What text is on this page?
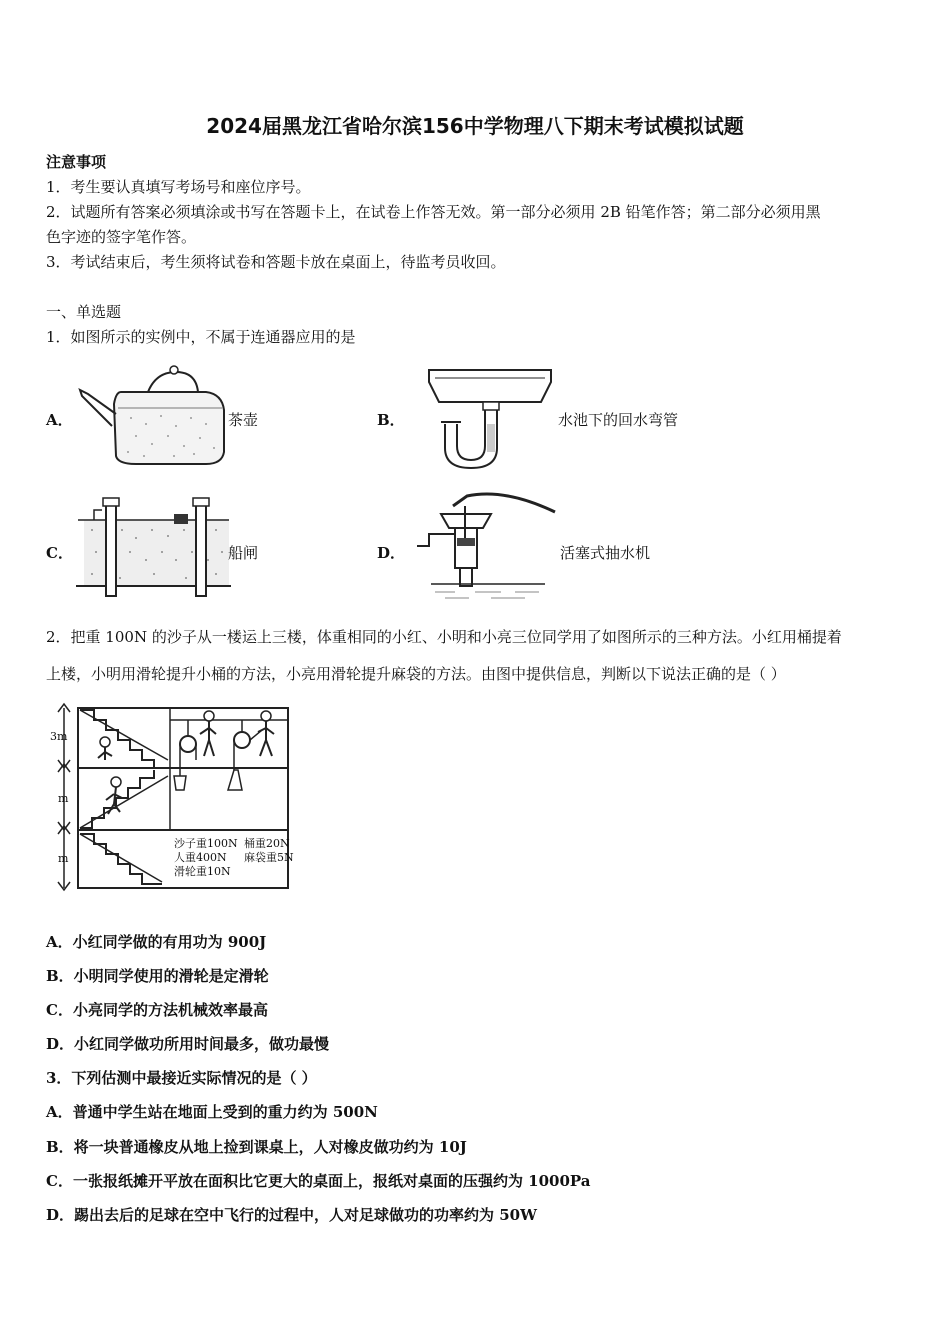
2024届黑龙江省哈尔滨156中学物理八下期末考试模拟试题
注意事项
1．考生要认真填写考场号和座位序号。
2．试题所有答案必须填涂或书写在答题卡上，在试卷上作答无效。第一部分必须用 2B 铅笔作答；第二部分必须用黑
色字迹的签字笔作答。
3．考试结束后，考生须将试卷和答题卡放在桌面上，待监考员收回。
一、单选题
1．如图所示的实例中，不属于连通器应用的是
A．	茶壶	B．	水池下的回水弯管
C．	船闸	D．	活塞式抽水机
2．把重 100N 的沙子从一楼运上三楼，体重相同的小红、小明和小亮三位同学用了如图所示的三种方法。小红用桶提着
上楼，小明用滑轮提升小桶的方法，小亮用滑轮提升麻袋的方法。由图中提供信息，判断以下说法正确的是（ ）
3m
m
m
沙子重100N 桶重20N
人重400N 麻袋重5N
滑轮重10N
A．小红同学做的有用功为 900J
B．小明同学使用的滑轮是定滑轮
C．小亮同学的方法机械效率最高
D．小红同学做功所用时间最多，做功最慢
3．下列估测中最接近实际情况的是（ ）
A．普通中学生站在地面上受到的重力约为 500N
B．将一块普通橡皮从地上捡到课桌上，人对橡皮做功约为 10J
C．一张报纸摊开平放在面积比它更大的桌面上，报纸对桌面的压强约为 1000Pa
D．踢出去后的足球在空中飞行的过程中，人对足球做功的功率约为 50W
